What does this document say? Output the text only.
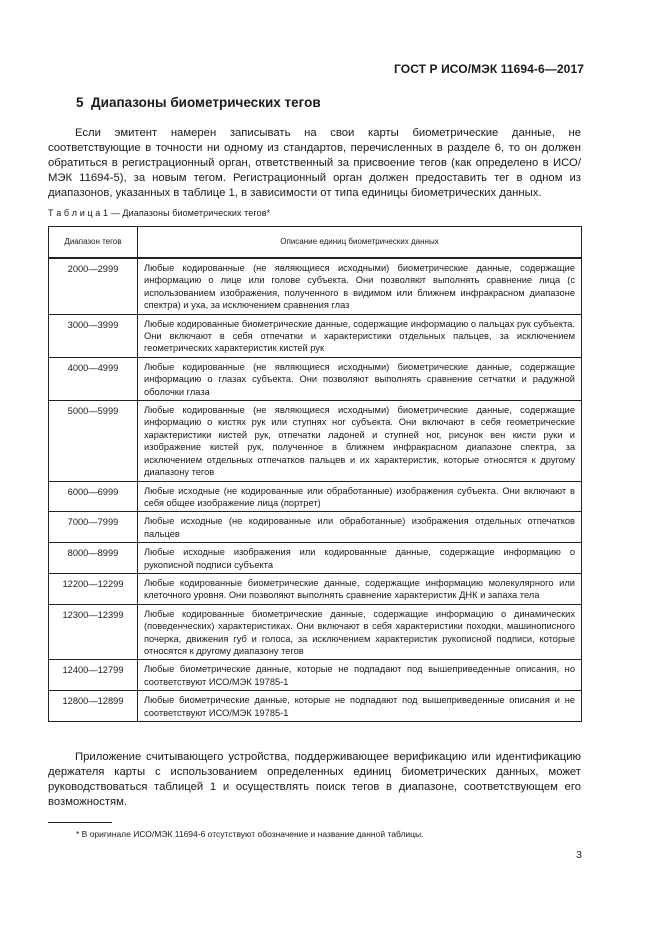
ГОСТ Р ИСО/МЭК 11694-6—2017
5 Диапазоны биометрических тегов

Если эмитент намерен записывать на свои карты биометрические данные, не соответствующие в точности ни одному из стандартов, перечисленных в разделе 6, то он должен обратиться в регистрационный орган, ответственный за присвоение тегов (как определено в ИСО/МЭК 11694-5), за новым тегом. Регистрационный орган должен предоставить тег в одном из диапазонов, указанных в таблице 1, в зависимости от типа единицы биометрических данных.

Т а б л и ц а 1 — Диапазоны биометрических тегов*
Диапазон тегов	Описание единиц биометрических данных
2000—2999	Любые кодированные (не являющиеся исходными) биометрические данные, содержащие информацию о лице или голове субъекта. Они позволяют выполнять сравнение лица (с использованием изображения, полученного в видимом или ближнем инфракрасном диапазоне спектра) и уха, за исключением сравнения глаз
3000—3999	Любые кодированные биометрические данные, содержащие информацию о пальцах рук субъекта. Они включают в себя отпечатки и характеристики отдельных пальцев, за исключением геометрических характеристик кистей рук
4000—4999	Любые кодированные (не являющиеся исходными) биометрические данные, содержащие информацию о глазах субъекта. Они позволяют выполнять сравнение сетчатки и радужной оболочки глаза
5000—5999	Любые кодированные (не являющиеся исходными) биометрические данные, содержащие информацию о кистях рук или ступнях ног субъекта. Они включают в себя геометрические характеристики кистей рук, отпечатки ладоней и ступней ног, рисунок вен кисти руки и изображение кистей рук, полученное в ближнем инфракрасном диапазоне спектра, за исключением отдельных отпечатков пальцев и их характеристик, которые относятся к другому диапазону тегов
6000—6999	Любые исходные (не кодированные или обработанные) изображения субъекта. Они включают в себя общее изображение лица (портрет)
7000—7999	Любые исходные (не кодированные или обработанные) изображения отдельных отпечатков пальцев
8000—8999	Любые исходные изображения или кодированные данные, содержащие информацию о рукописной подписи субъекта
12200—12299	Любые кодированные биометрические данные, содержащие информацию молекулярного или клеточного уровня. Они позволяют выполнять сравнение характеристик ДНК и запаха тела
12300—12399	Любые кодированные биометрические данные, содержащие информацию о динамических (поведенческих) характеристиках. Они включают в себя характеристики походки, машинописного почерка, движения губ и голоса, за исключением характеристик рукописной подписи, которые относятся к другому диапазону тегов
12400—12799	Любые биометрические данные, которые не подпадают под вышеприведенные описания, но соответствуют ИСО/МЭК 19785-1
12800—12899	Любые биометрические данные, которые не подпадают под вышеприведенные описания и не соответствуют ИСО/МЭК 19785-1

Приложение считывающего устройства, поддерживающее верификацию или идентификацию держателя карты с использованием определенных единиц биометрических данных, может руководствоваться таблицей 1 и осуществлять поиск тегов в диапазоне, соответствующем его возможностям.

* В оригинале ИСО/МЭК 11694-6 отсутствуют обозначение и название данной таблицы.
3
